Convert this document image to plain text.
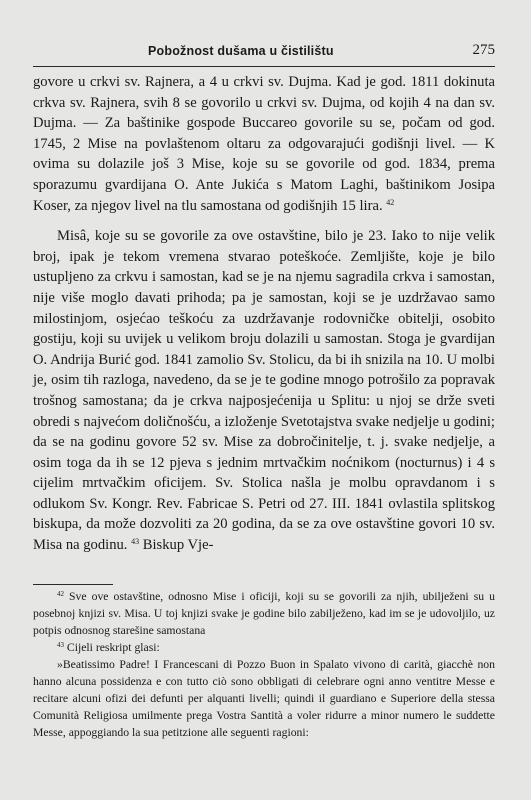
Pobožnost dušama u čistilištu	275

govore u crkvi sv. Rajnera, a 4 u crkvi sv. Dujma. Kad je god. 1811 dokinuta crkva sv. Rajnera, svih 8 se govorilo u crkvi sv. Dujma, od kojih 4 na dan sv. Dujma. — Za baštinike gospode Buccareo govorile su se, počam od god. 1745, 2 Mise na povlaštenom oltaru za odgovarajući godišnji livel. — K ovima su dolazile još 3 Mise, koje su se govorile od god. 1834, prema sporazumu gvardijana O. Ante Jukića s Matom Laghi, baštinikom Josipa Koser, za njegov livel na tlu samostana od godišnjih 15 lira. $^{42}$

Misâ, koje su se govorile za ove ostavštine, bilo je 23. Iako to nije velik broj, ipak je tekom vremena stvarao poteškoće. Zemljište, koje je bilo ustupljeno za crkvu i samostan, kad se je na njemu sagradila crkva i samostan, nije više moglo davati prihoda; pa je samostan, koji se je uzdržavao samo milostinjom, osjećao teškoću za uzdržavanje rodovničke obitelji, osobito gostiju, koji su uvijek u velikom broju dolazili u samostan. Stoga je gvardijan O. Andrija Burić god. 1841 zamolio Sv. Stolicu, da bi ih snizila na 10. U molbi je, osim tih razloga, navedeno, da se je te godine mnogo potrošilo za popravak trošnog samostana; da je crkva najposjećenija u Splitu: u njoj se drže sveti obredi s najvećom doličnošću, a izloženje Svetotajstva svake nedjelje u godini; da se na godinu govore 52 sv. Mise za dobročinitelje, t. j. svake nedjelje, a osim toga da ih se 12 pjeva s jednim mrtvačkim noćnikom (nocturnus) i 4 s cijelim mrtvačkim oficijem. Sv. Stolica našla je molbu opravdanom i s odlukom Sv. Kongr. Rev. Fabricae S. Petri od 27. III. 1841 ovlastila splitskog biskupa, da može dozvoliti za 20 godina, da se za ove ostavštine govori 10 sv. Misa na godinu. $^{43}$ Biskup Vje-

$^{42}$ Sve ove ostavštine, odnosno Mise i oficiji, koji su se govorili za njih, ubilježeni su u posebnoj knjizi sv. Misa. U toj knjizi svake je godine bilo zabilježeno, kad im se je udovoljilo, uz potpis odnosnog starešine samostana

$^{43}$ Cijeli reskript glasi:

»Beatissimo Padre! I Francescani di Pozzo Buon in Spalato vivono di carità, giacchè non hanno alcuna possidenza e con tutto ciò sono obbligati di celebrare ogni anno ventitre Messe e recitare alcuni ofizi dei defunti per alquanti livelli; quindi il guardiano e Superiore della stessa Comunità Religiosa umilmente prega Vostra Santità a voler ridurre a minor numero le suddette Messe, appoggiando la sua petitzione alle seguenti ragioni:
